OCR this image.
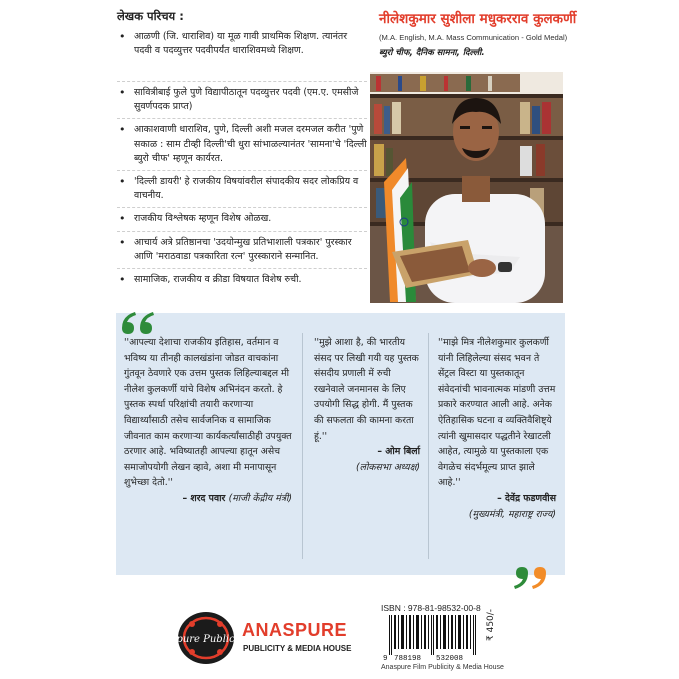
लेखक परिचय :
• आळणी (जि. धाराशिव) या मूळ गावी प्राथमिक शिक्षण. त्यानंतर पदवी व पदव्युत्तर पदवीपर्यंत धाराशिवमध्ये शिक्षण.
• सावित्रीबाई फुले पुणे विद्यापीठातून पदव्युत्तर पदवी (एम.ए. एमसीजे सुवर्णपदक प्राप्त)
• आकाशवाणी धाराशिव, पुणे, दिल्ली अशी मजल दरमजल करीत 'पुणे सकाळ : साम टीव्ही दिल्ली'ची धुरा सांभाळल्यानंतर 'सामना'चे 'दिल्ली ब्युरो चीफ' म्हणून कार्यरत.
• 'दिल्ली डायरी' हे राजकीय विषयांवरील संपादकीय सदर लोकप्रिय व वाचनीय.
• राजकीय विश्लेषक म्हणून विशेष ओळख.
• आचार्य अत्रे प्रतिष्ठानचा 'उदयोन्मुख प्रतिभाशाली पत्रकार' पुरस्कार आणि 'मराठवाडा पत्रकारिता रत्न' पुरस्काराने सन्मानित.
• सामाजिक, राजकीय व क्रीडा विषयात विशेष रुची.
नीलेशकुमार सुशीला मधुकरराव कुलकर्णी
(M.A. English, M.A. Mass Communication - Gold Medal)
ब्युरो चीफ, दैनिक सामना, दिल्ली.

''आपल्या देशाचा राजकीय इतिहास, वर्तमान व भविष्य या तीनही कालखंडांना जोडत वाचकांना गुंतवून ठेवणारे एक उत्तम पुस्तक लिहिल्याबद्दल मी नीलेश कुलकर्णी यांचे विशेष अभिनंदन करतो. हे पुस्तक स्पर्धा परिक्षांची तयारी करणाऱ्या विद्यार्थ्यांसाठी तसेच सार्वजनिक व सामाजिक जीवनात काम करणाऱ्या कार्यकर्त्यांसाठीही उपयुक्त ठरणार आहे. भविष्यातही आपल्या हातून असेच समाजोपयोगी लेखन व्हावे, अशा मी मनापासून शुभेच्छा देतो.''

– शरद पवार (माजी केंद्रीय मंत्री)

''मुझे आशा है, की भारतीय संसद पर लिखी गयी यह पुस्तक संसदीय प्रणाली में रुची रखनेवाले जनमानस के लिए उपयोगी सिद्ध होगी. मैं पुस्तक की सफलता की कामना करता हूं.''

– ओम बिर्ला

(लोकसभा अध्यक्ष)

''माझे मित्र नीलेशकुमार कुलकर्णी यांनी लिहिलेल्या संसद भवन ते सेंट्रल विस्टा या पुस्तकातून संवेदनांची भावनात्मक मांडणी उत्तम प्रकारे करण्यात आली आहे. अनेक ऐतिहासिक घटना व व्यक्तिवैशिष्ट्ये त्यांनी खुमासदार पद्धतीने रेखाटली आहेत, त्यामुळे या पुस्तकाला एक वेगळेच संदर्भमूल्य प्राप्त झाले आहे.''

– देवेंद्र फडणवीस

(मुख्यमंत्री, महाराष्ट्र राज्य)

Anaspure Publication
ANASPURE
PUBLICITY & MEDIA HOUSE
ISBN : 978-81-98532-00-8
9 788198 532008
₹ 450/-
Anaspure Film Publicity & Media House
